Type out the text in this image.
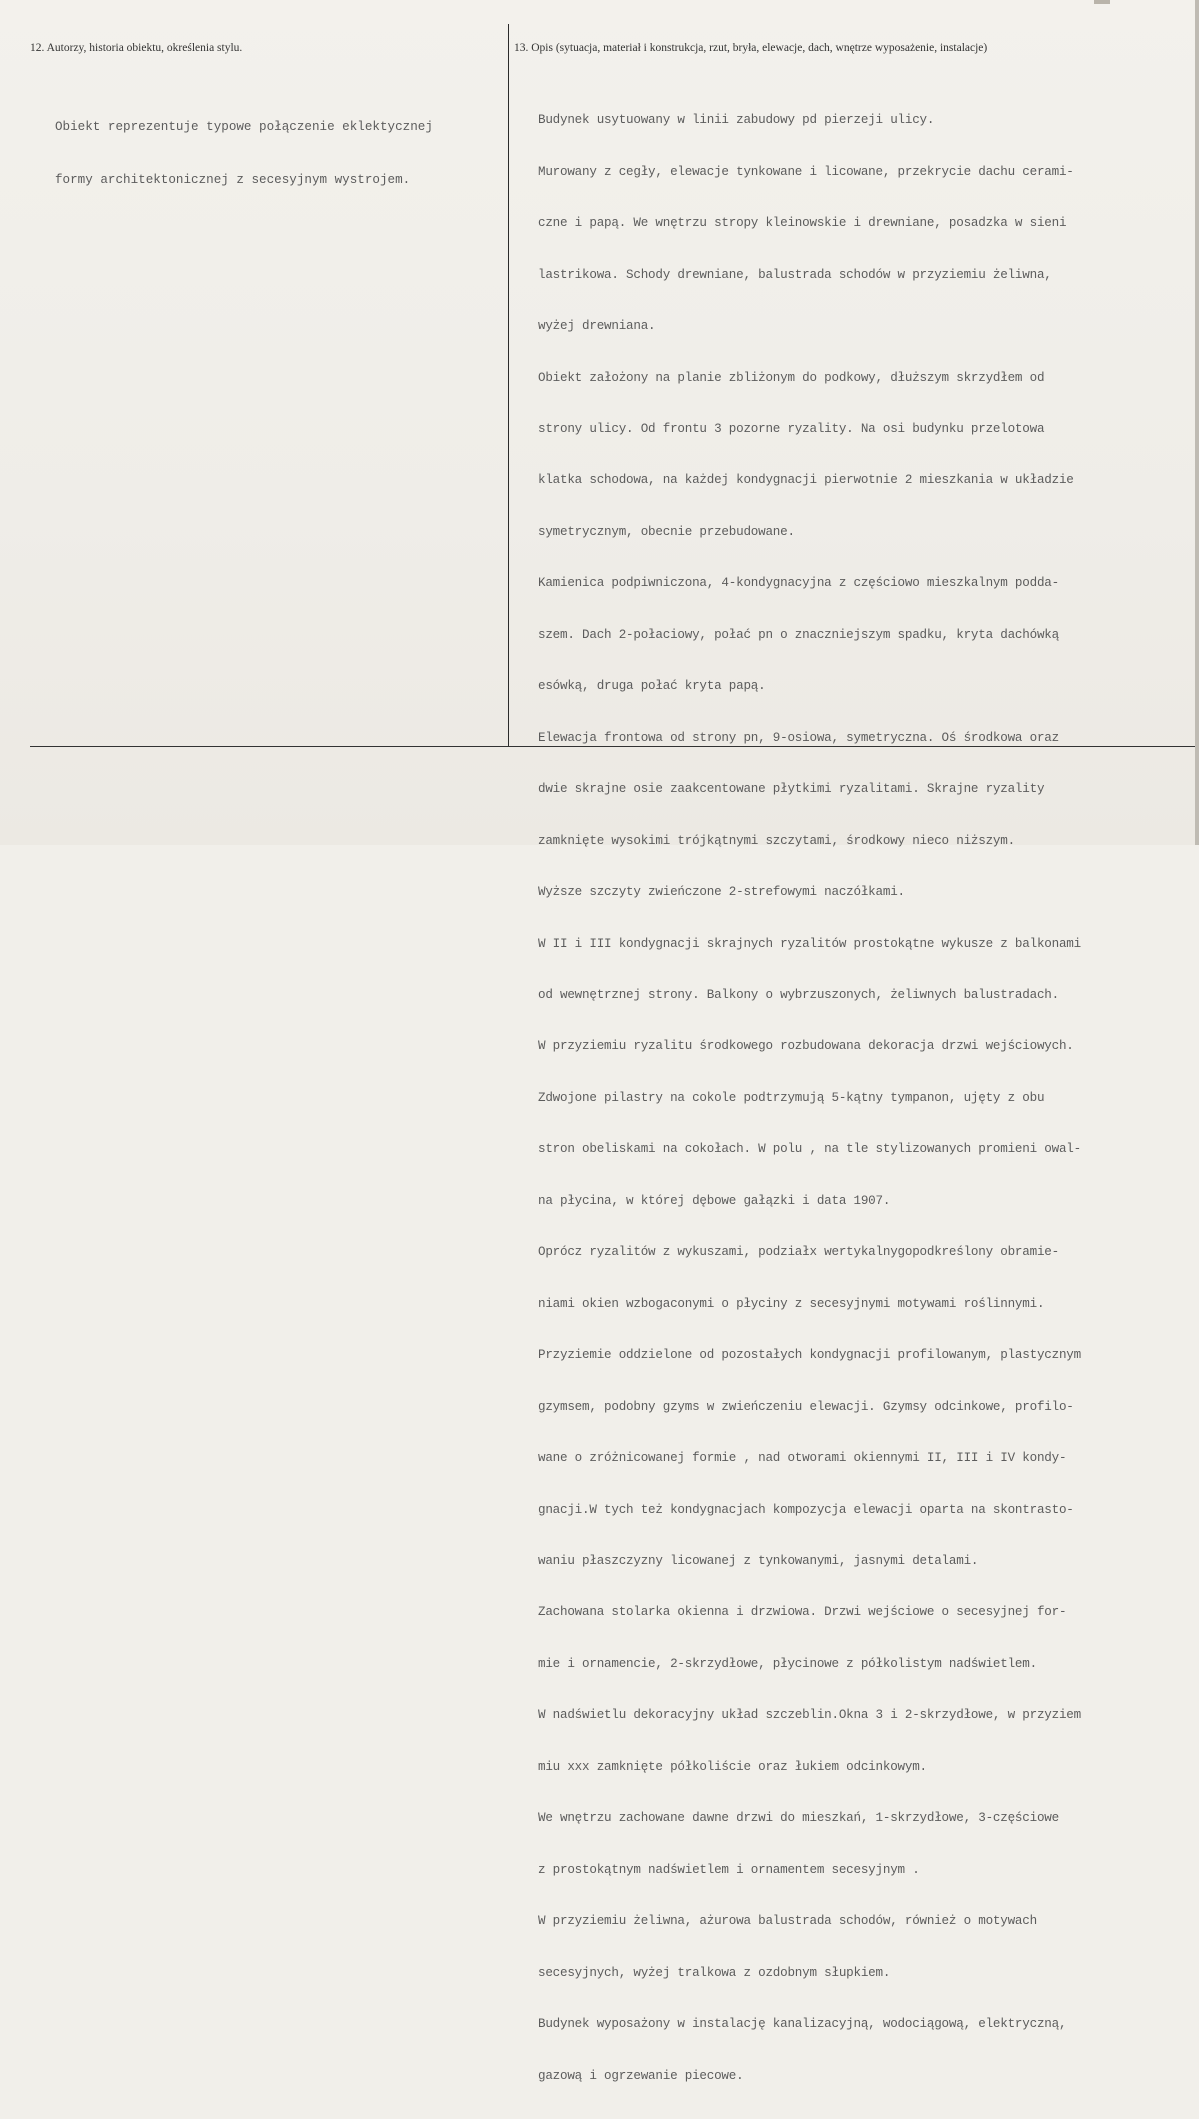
12. Autorzy, historia obiektu, określenia stylu.	13. Opis (sytuacja, materiał i konstrukcja, rzut, bryła, elewacje, dach, wnętrze wyposażenie, instalacje)

Obiekt reprezentuje typowe połączenie eklektycznej

formy architektonicznej z secesyjnym wystrojem.

Budynek usytuowany w linii zabudowy pd pierzeji ulicy.

Murowany z cegły, elewacje tynkowane i licowane, przekrycie dachu cerami-

czne i papą. We wnętrzu stropy kleinowskie i drewniane, posadzka w sieni

lastrikowa. Schody drewniane, balustrada schodów w przyziemiu żeliwna,

wyżej drewniana.

Obiekt założony na planie zbliżonym do podkowy, dłuższym skrzydłem od

strony ulicy. Od frontu 3 pozorne ryzality. Na osi budynku przelotowa

klatka schodowa, na każdej kondygnacji pierwotnie 2 mieszkania w układzie

symetrycznym, obecnie przebudowane.

Kamienica podpiwniczona, 4-kondygnacyjna z częściowo mieszkalnym podda-

szem. Dach 2-połaciowy, połać pn o znaczniejszym spadku, kryta dachówką

esówką, druga połać kryta papą.

Elewacja frontowa od strony pn, 9-osiowa, symetryczna. Oś środkowa oraz

dwie skrajne osie zaakcentowane płytkimi ryzalitami. Skrajne ryzality

zamknięte wysokimi trójkątnymi szczytami, środkowy nieco niższym.

Wyższe szczyty zwieńczone 2-strefowymi naczółkami.

W II i III kondygnacji skrajnych ryzalitów prostokątne wykusze z balkonami

od wewnętrznej strony. Balkony o wybrzuszonych, żeliwnych balustradach.

W przyziemiu ryzalitu środkowego rozbudowana dekoracja drzwi wejściowych.

Zdwojone pilastry na cokole podtrzymują 5-kątny tympanon, ujęty z obu

stron obeliskami na cokołach. W polu , na tle stylizowanych promieni owal-

na płycina, w której dębowe gałązki i data 1907.

Oprócz ryzalitów z wykuszami, podziałx wertykalnygopodkreślony obramie-

niami okien wzbogaconymi o płyciny z secesyjnymi motywami roślinnymi.

Przyziemie oddzielone od pozostałych kondygnacji profilowanym, plastycznym

gzymsem, podobny gzyms w zwieńczeniu elewacji. Gzymsy odcinkowe, profilo-

wane o zróżnicowanej formie , nad otworami okiennymi II, III i IV kondy-

gnacji.W tych też kondygnacjach kompozycja elewacji oparta na skontrasto-

waniu płaszczyzny licowanej z tynkowanymi, jasnymi detalami.

Zachowana stolarka okienna i drzwiowa. Drzwi wejściowe o secesyjnej for-

mie i ornamencie, 2-skrzydłowe, płycinowe z półkolistym nadświetlem.

W nadświetlu dekoracyjny układ szczeblin.Okna 3 i 2-skrzydłowe, w przyziem

miu xxx zamknięte półkoliście oraz łukiem odcinkowym.

We wnętrzu zachowane dawne drzwi do mieszkań, 1-skrzydłowe, 3-częściowe

z prostokątnym nadświetlem i ornamentem secesyjnym .

W przyziemiu żeliwna, ażurowa balustrada schodów, również o motywach

secesyjnych, wyżej tralkowa z ozdobnym słupkiem.

Budynek wyposażony w instalację kanalizacyjną, wodociągową, elektryczną,

gazową i ogrzewanie piecowe.
